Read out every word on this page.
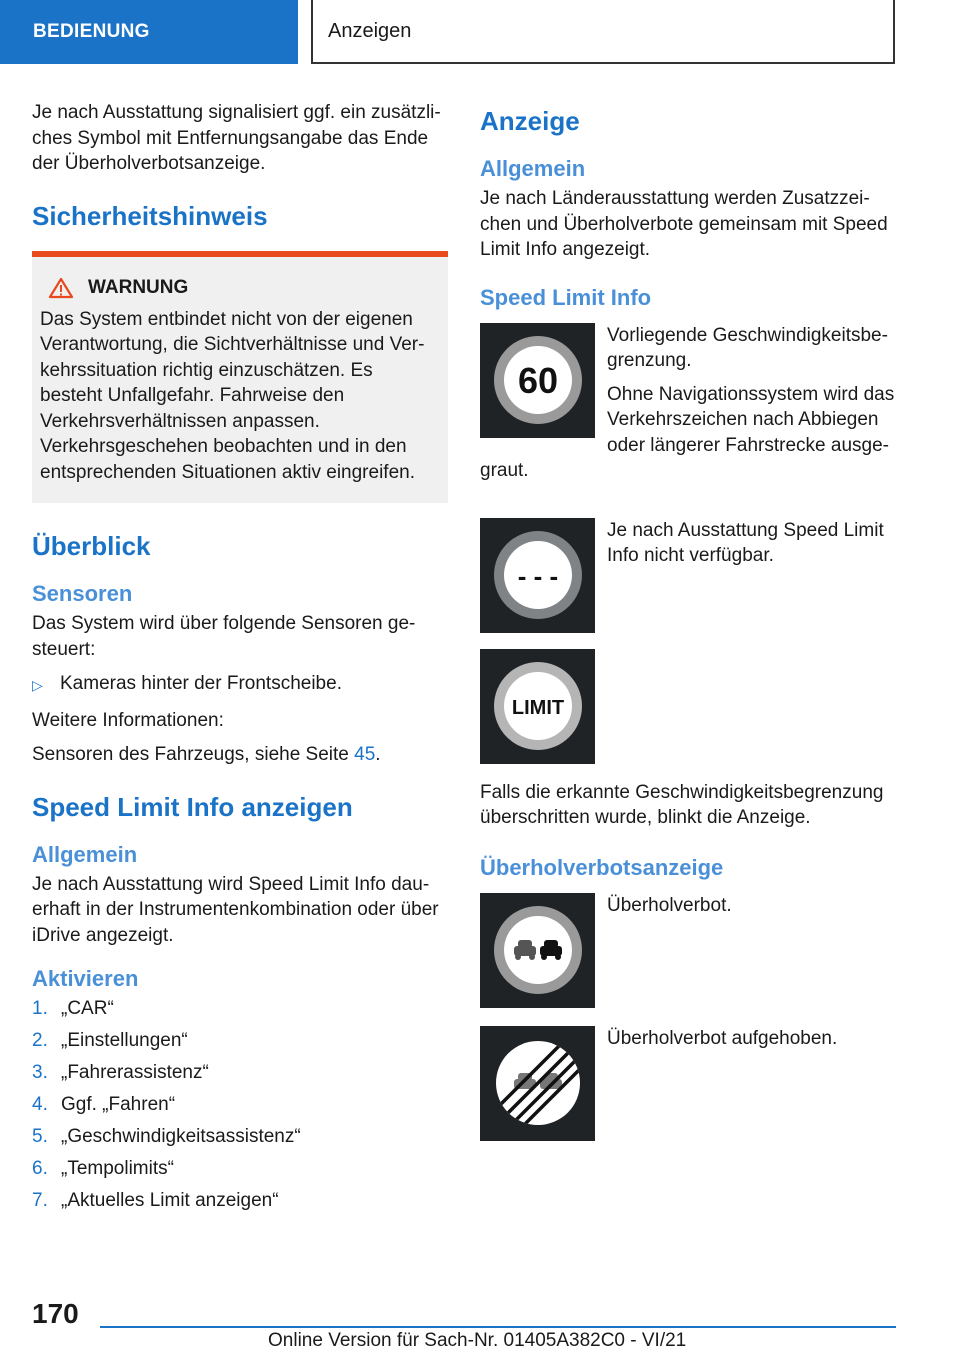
BEDIENUNG	Anzeigen

Je nach Ausstattung signalisiert ggf. ein zusätzliches Symbol mit Entfernungsangabe das Ende der Überholverbotsanzeige.

Sicherheitshinweis
WARNUNG

Das System entbindet nicht von der eigenen Verantwortung, die Sichtverhältnisse und Verkehrssituation richtig einzuschätzen. Es besteht Unfallgefahr. Fahrweise den Verkehrsverhältnissen anpassen. Verkehrsgeschehen beobachten und in den entsprechenden Situationen aktiv eingreifen.

Überblick
Sensoren

Das System wird über folgende Sensoren gesteuert:

▷ Kameras hinter der Frontscheibe.

Weitere Informationen:

Sensoren des Fahrzeugs, siehe Seite 45.

Speed Limit Info anzeigen
Allgemein

Je nach Ausstattung wird Speed Limit Info dauerhaft in der Instrumentenkombination oder über iDrive angezeigt.

Aktivieren
1. „CAR“
2. „Einstellungen“
3. „Fahrerassistenz“
4. Ggf. „Fahren“
5. „Geschwindigkeitsassistenz“
6. „Tempolimits“
7. „Aktuelles Limit anzeigen“
Anzeige
Allgemein

Je nach Länderausstattung werden Zusatzzeichen und Überholverbote gemeinsam mit Speed Limit Info angezeigt.

Speed Limit Info
60

Vorliegende Geschwindigkeitsbegrenzung.

Ohne Navigationssystem wird das Verkehrszeichen nach Abbiegen oder längerer Fahrstrecke ausgegraut.

- - -

Je nach Ausstattung Speed Limit Info nicht verfügbar.

LIMIT

Falls die erkannte Geschwindigkeitsbegrenzung überschritten wurde, blinkt die Anzeige.

Überholverbotsanzeige

Überholverbot.

Überholverbot aufgehoben.

170
Online Version für Sach-Nr. 01405A382C0 - VI/21
